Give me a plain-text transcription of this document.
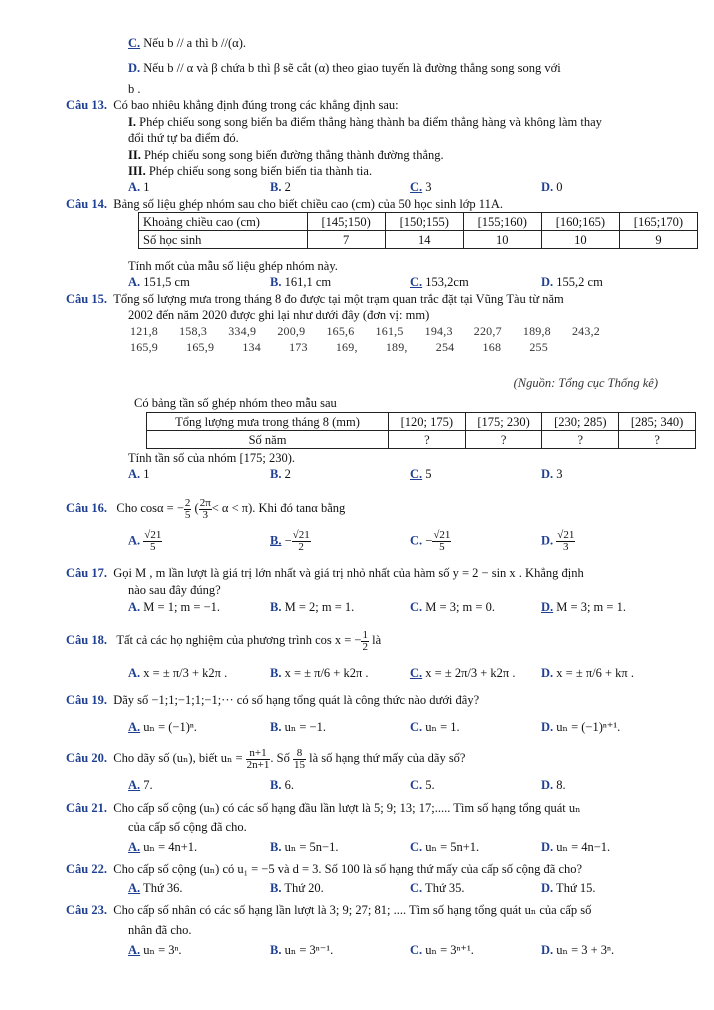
C. Nếu b // a thì b //(α).
D. Nếu b // α và β chứa b thì β sẽ cắt (α) theo giao tuyến là đường thẳng song song với
b .
Câu 13. Có bao nhiêu khẳng định đúng trong các khẳng định sau:
I. Phép chiếu song song biến ba điểm thẳng hàng thành ba điểm thẳng hàng và không làm thay
đổi thứ tự ba điểm đó.
II. Phép chiếu song song biến đường thẳng thành đường thẳng.
III. Phép chiếu song song biến biến tia thành tia.
A. 1	B. 2	C. 3	D. 0
Câu 14. Bảng số liệu ghép nhóm sau cho biết chiều cao (cm) của 50 học sinh lớp 11A.
Khoảng chiều cao (cm)	[145;150)	[150;155)	[155;160)	[160;165)	[165;170)
Số học sinh	7	14	10	10	9
Tính mốt của mẫu số liệu ghép nhóm này.
A. 151,5 cm	B. 161,1 cm	C. 153,2cm	D. 155,2 cm
Câu 15. Tổng số lượng mưa trong tháng 8 đo được tại một trạm quan trắc đặt tại Vũng Tàu từ năm
2002 đến năm 2020 được ghi lại như dưới đây (đơn vị: mm)
121,8 158,3 334,9 200,9 165,6 161,5 194,3 220,7 189,8 243,2
165,9 165,9 134 173 169, 189, 254 168 255
(Nguồn: Tổng cục Thống kê)
Có bảng tần số ghép nhóm theo mẫu sau
Tổng lượng mưa trong tháng 8 (mm)	[120; 175)	[175; 230)	[230; 285)	[285; 340)
Số năm	?	?	?	?
Tính tần số của nhóm [175; 230).
A. 1	B. 2	C. 5	D. 3
Câu 16. Cho cosα = − $\frac{2}{5}$ ( $\frac{2\pi}{3} < \alpha < \pi$). Khi đó tanα bằng
A. $\frac{√21}{5}$	B. − $\frac{√21}{2}$	C. − $\frac{√21}{5}$	D. $\frac{√21}{3}$
Câu 17. Gọi M , m lần lượt là giá trị lớn nhất và giá trị nhỏ nhất của hàm số y = 2 − sin x . Khẳng định
nào sau đây đúng?
A. M = 1; m = −1.	B. M = 2; m = 1.	C. M = 3; m = 0.	D. M = 3; m = 1.
Câu 18. Tất cả các họ nghiệm của phương trình cos x = − $\frac{1}{2}$ là
A. x = ± π/3 + k2π .	B. x = ± π/6 + k2π .	C. x = ± 2π/3 + k2π . D. x = ± π/6 + kπ .
Câu 19. Dãy số −1;1;−1;1;−1;··· có số hạng tổng quát là công thức nào dưới đây?
A. uₙ = (−1)ⁿ.	B. uₙ = −1.	C. uₙ = 1.	D. uₙ = (−1)ⁿ⁺¹.
Câu 20. Cho dãy số (uₙ), biết $u_n = \frac{n+1}{2n+1}$ . Số $\frac{8}{15}$ là số hạng thứ mấy của dãy số?
A. 7.	B. 6.	C. 5.	D. 8.
Câu 21. Cho cấp số cộng (uₙ) có các số hạng đầu lần lượt là 5; 9; 13; 17;..... Tìm số hạng tổng quát uₙ
của cấp số cộng đã cho.
A. uₙ = 4n+1.	B. uₙ = 5n−1.	C. uₙ = 5n+1.	D. uₙ = 4n−1.
Câu 22. Cho cấp số cộng (uₙ) có u₁ = −5 và d = 3. Số 100 là số hạng thứ mấy của cấp số cộng đã cho?
A. Thứ 36.	B. Thứ 20.	C. Thứ 35.	D. Thứ 15.
Câu 23. Cho cấp số nhân có các số hạng lần lượt là 3; 9; 27; 81; .... Tìm số hạng tổng quát uₙ của cấp số
nhân đã cho.
A. uₙ = 3ⁿ.	B. uₙ = 3ⁿ⁻¹.	C. uₙ = 3ⁿ⁺¹.	D. uₙ = 3 + 3ⁿ.
